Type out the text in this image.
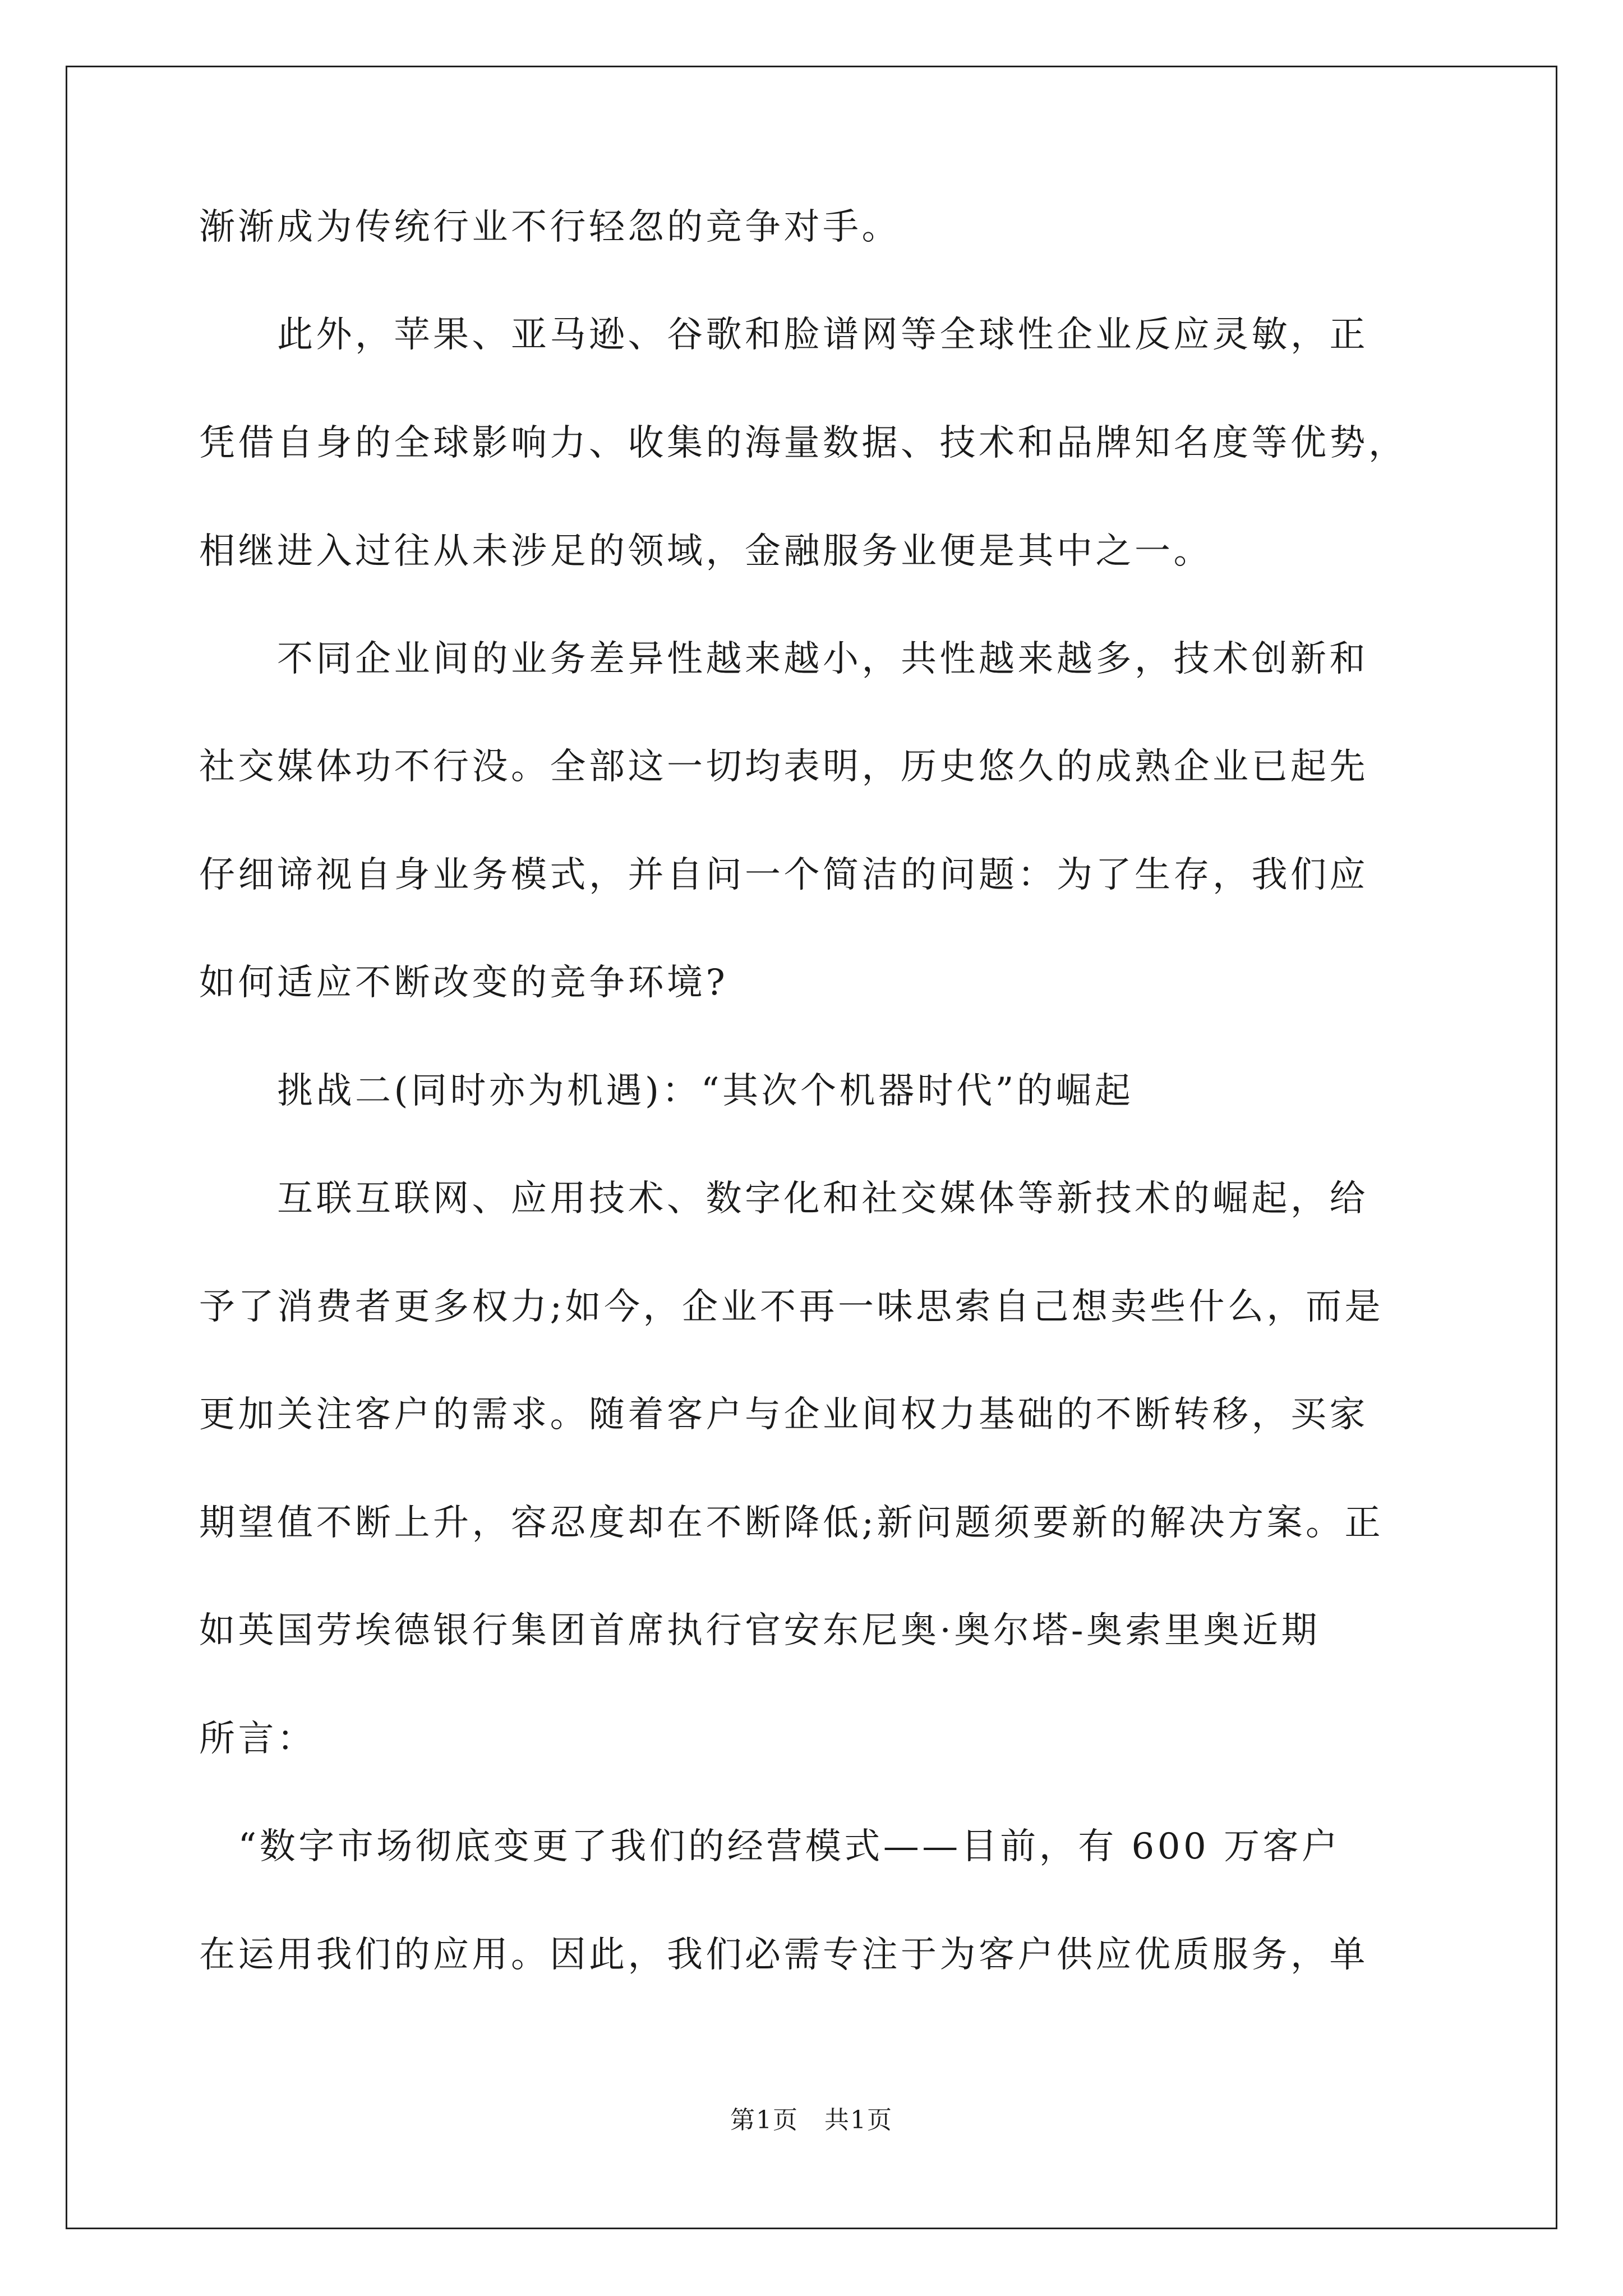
渐渐成为传统行业不行轻忽的竞争对手。
　　此外，苹果、亚马逊、谷歌和脸谱网等全球性企业反应灵敏，正
凭借自身的全球影响力、收集的海量数据、技术和品牌知名度等优势，
相继进入过往从未涉足的领域，金融服务业便是其中之一。
　　不同企业间的业务差异性越来越小，共性越来越多，技术创新和
社交媒体功不行没。全部这一切均表明，历史悠久的成熟企业已起先
仔细谛视自身业务模式，并自问一个简洁的问题：为了生存，我们应
如何适应不断改变的竞争环境?
　　挑战二(同时亦为机遇)：“其次个机器时代”的崛起
　　互联互联网、应用技术、数字化和社交媒体等新技术的崛起，给
予了消费者更多权力;如今，企业不再一味思索自己想卖些什么，而是
更加关注客户的需求。随着客户与企业间权力基础的不断转移，买家
期望值不断上升，容忍度却在不断降低;新问题须要新的解决方案。正
如英国劳埃德银行集团首席执行官安东尼奥·奥尔塔-奥索里奥近期
所言：
　“数字市场彻底变更了我们的经营模式——目前，有 600 万客户
在运用我们的应用。因此，我们必需专注于为客户供应优质服务，单
第1页　共1页
